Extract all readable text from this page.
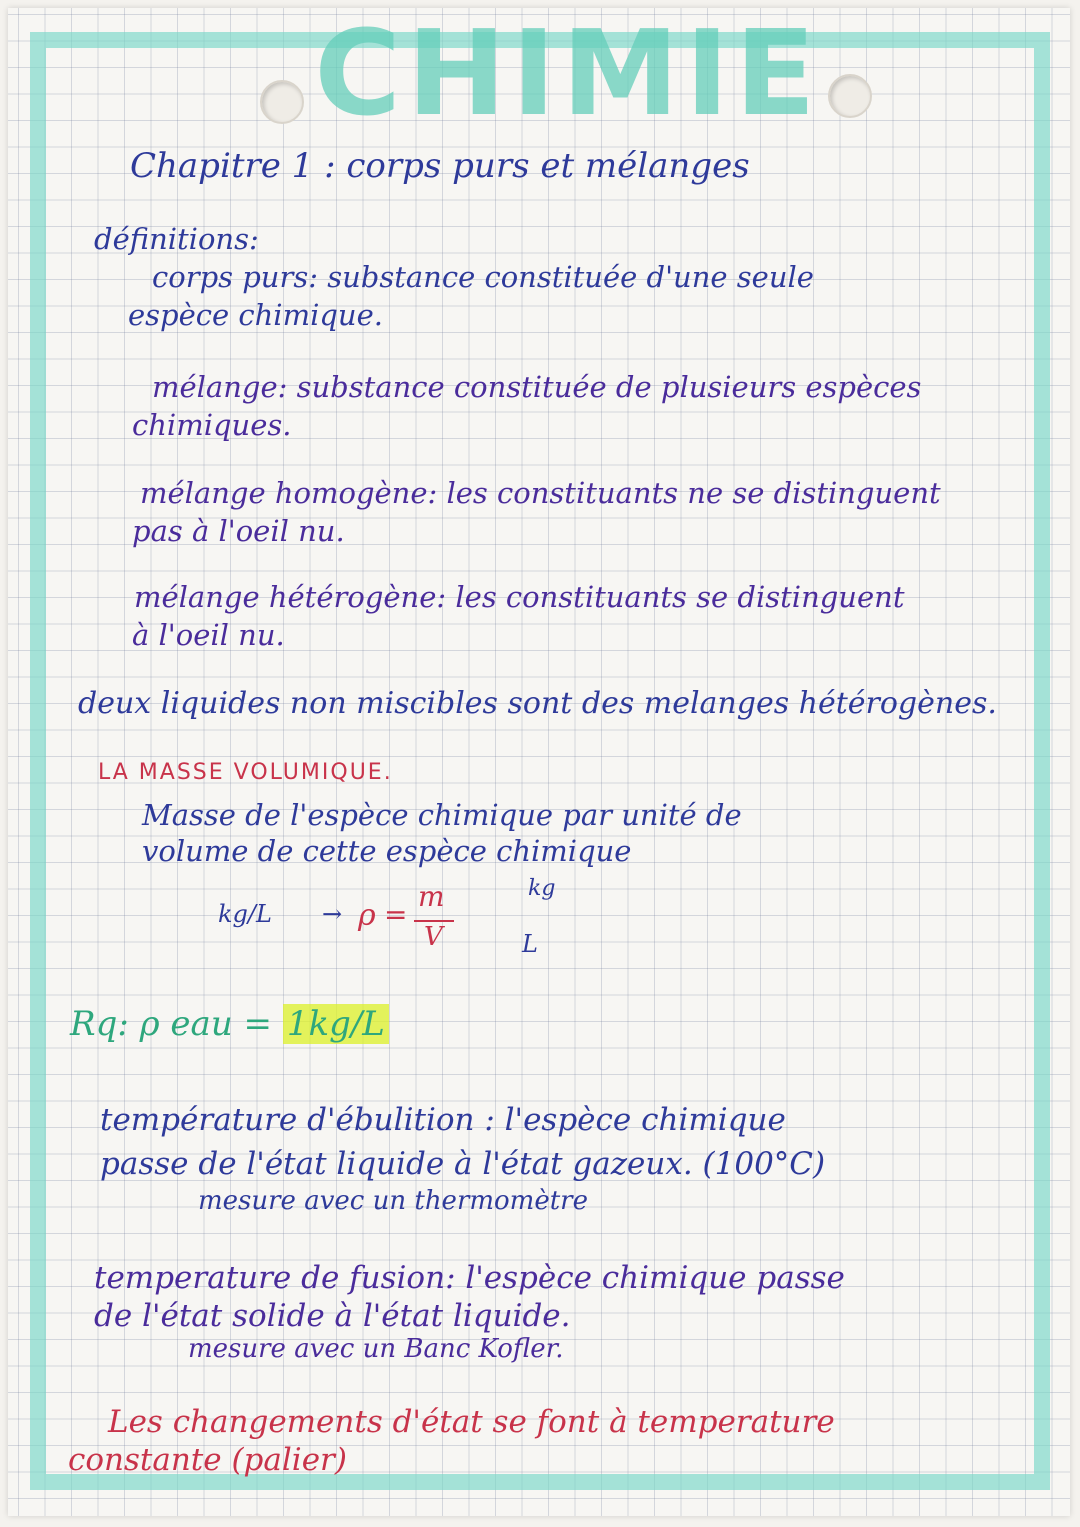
CHIMIE
Chapitre 1 : corps purs et mélanges
définitions:
corps purs: substance constituée d'une seule
espèce chimique.
mélange: substance constituée de plusieurs espèces
chimiques.
mélange homogène: les constituants ne se distinguent
pas à l'oeil nu.
mélange hétérogène: les constituants se distinguent
à l'oeil nu.
deux liquides non miscibles sont des melanges hétérogènes.
LA MASSE VOLUMIQUE.
Masse de l'espèce chimique par unité de
volume de cette espèce chimique
kg/L → ρ =
m
V
kg
L
Rq: ρ eau = 1kg/L
température d'ébulition : l'espèce chimique
passe de l'état liquide à l'état gazeux. (100°C)
mesure avec un thermomètre
temperature de fusion: l'espèce chimique passe
de l'état solide à l'état liquide.
mesure avec un Banc Kofler.
Les changements d'état se font à temperature
constante (palier)
